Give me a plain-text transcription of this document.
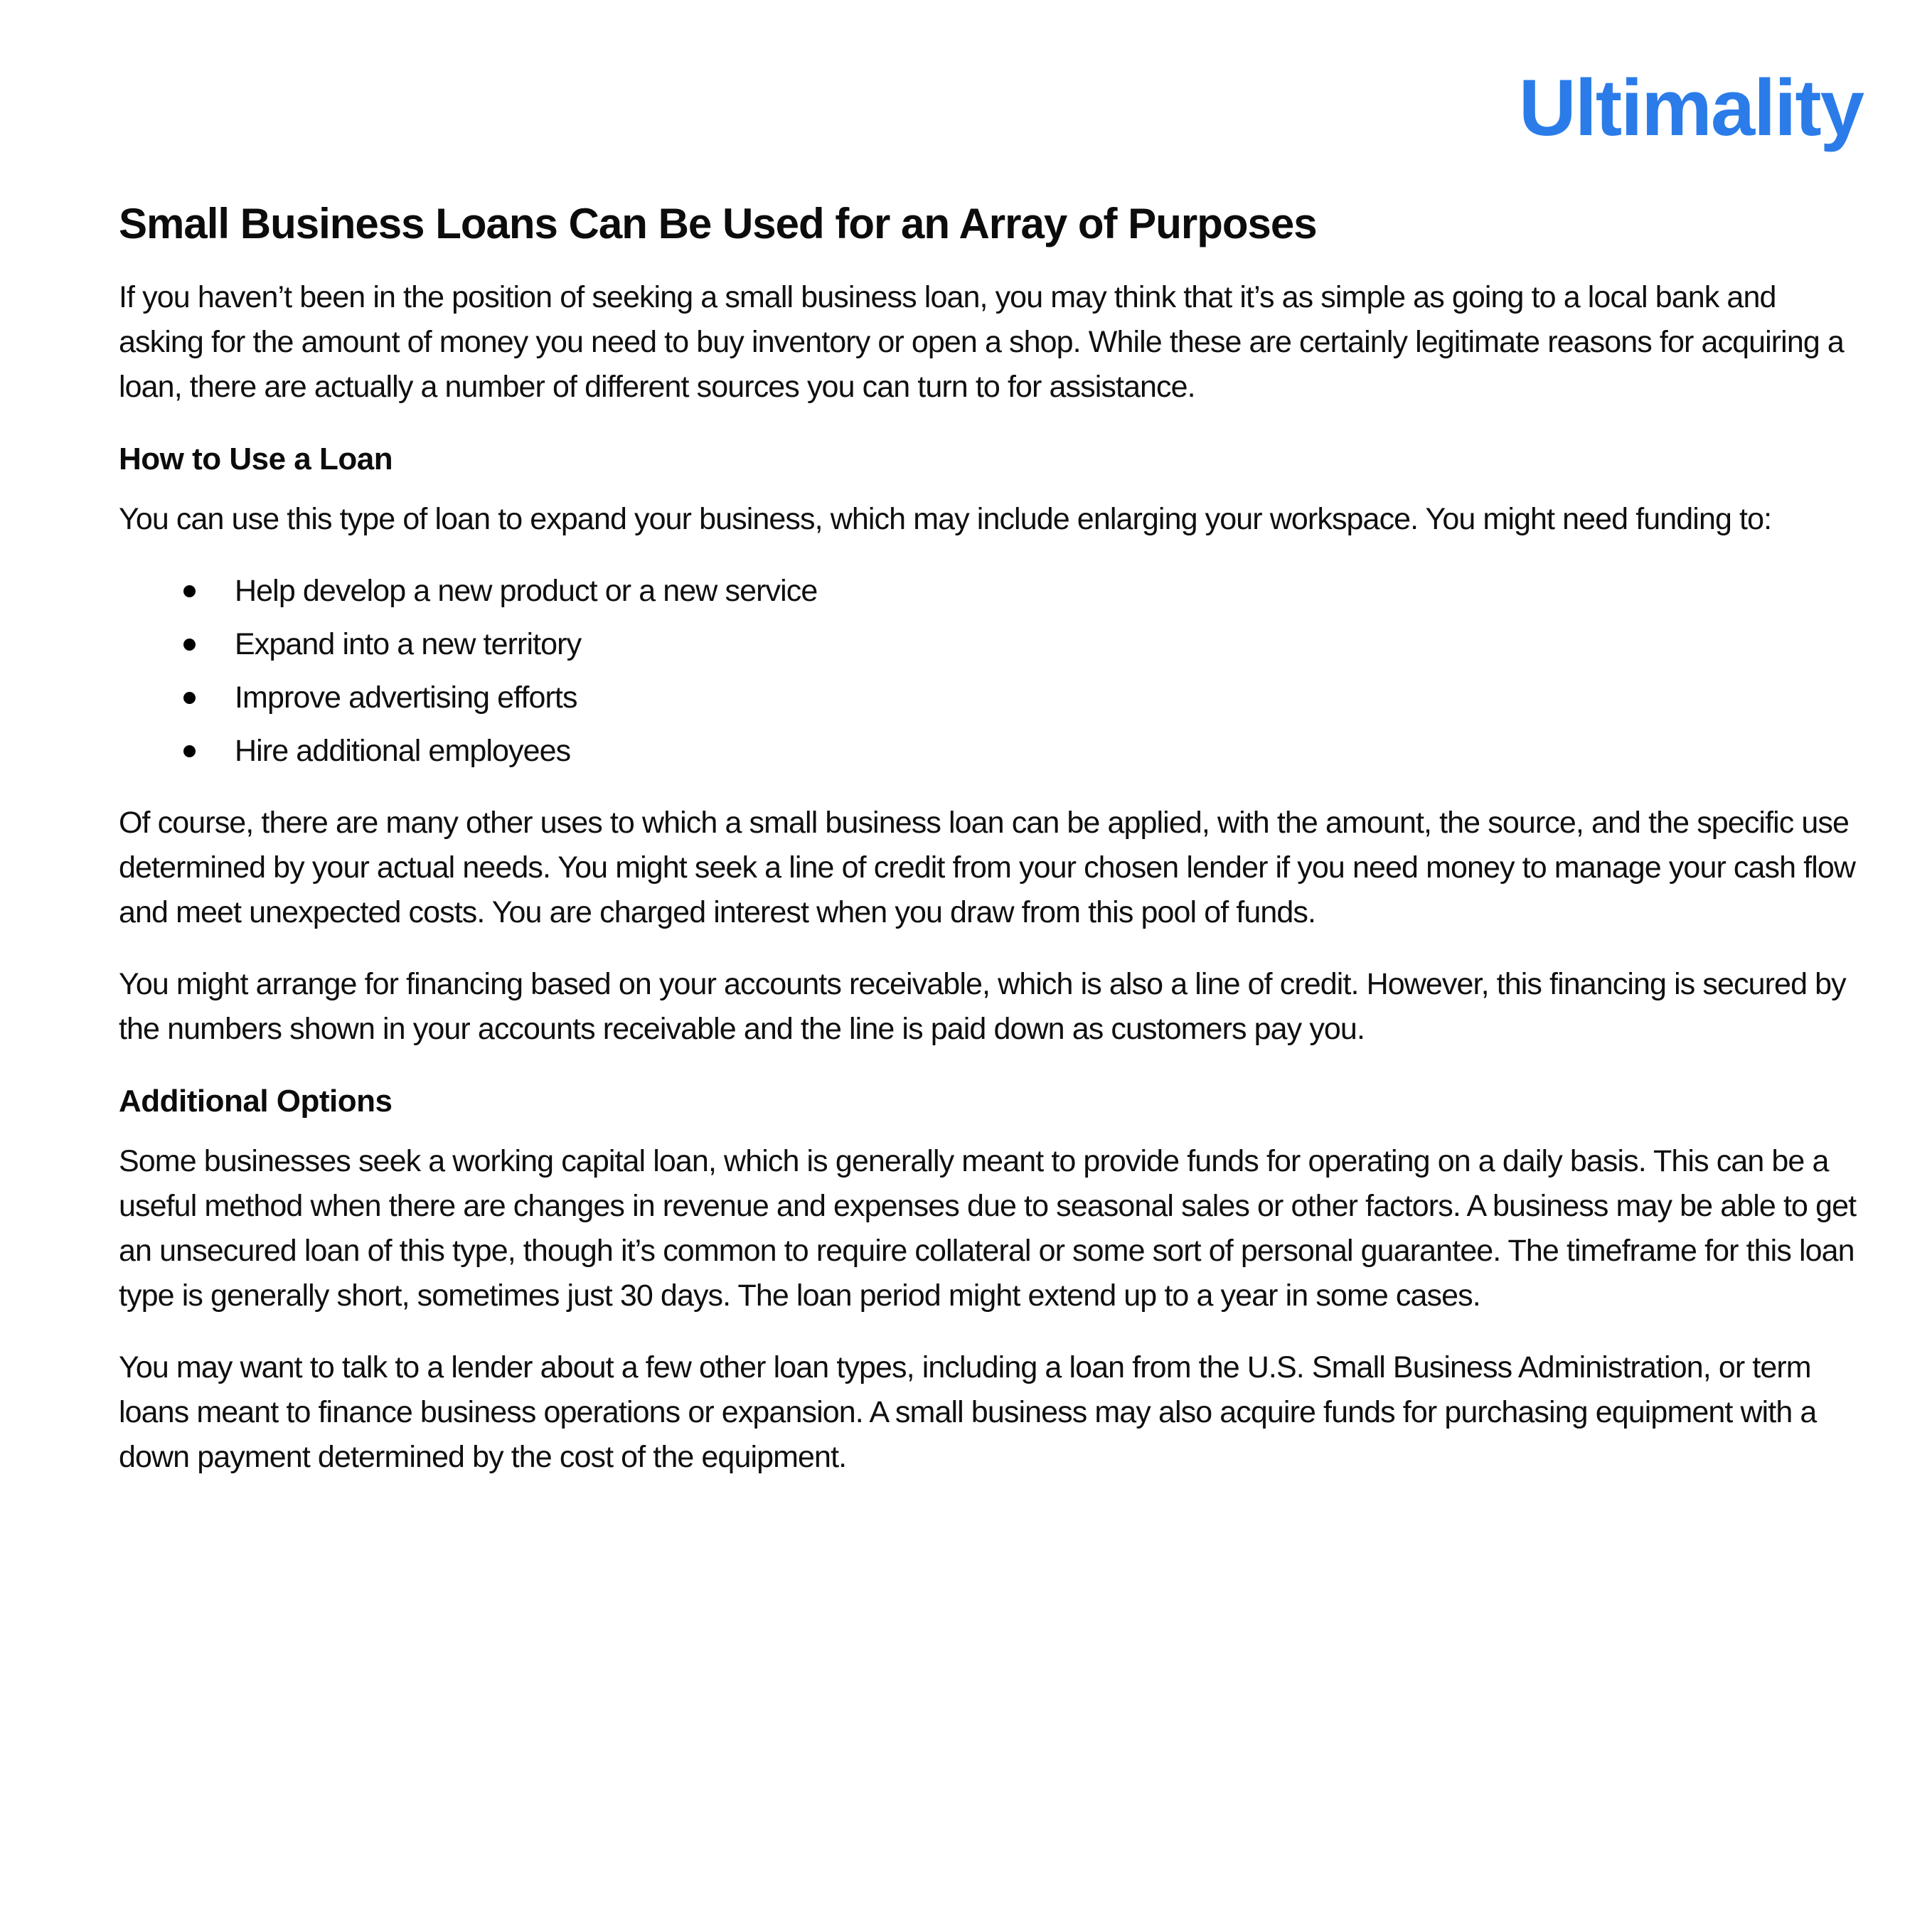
Ultimality
Small Business Loans Can Be Used for an Array of Purposes

If you haven’t been in the position of seeking a small business loan, you may think that it’s as simple as going to a local bank and asking for the amount of money you need to buy inventory or open a shop. While these are certainly legitimate reasons for acquiring a loan, there are actually a number of different sources you can turn to for assistance.

How to Use a Loan

You can use this type of loan to expand your business, which may include enlarging your workspace. You might need funding to:

Help develop a new product or a new service
Expand into a new territory
Improve advertising efforts
Hire additional employees

Of course, there are many other uses to which a small business loan can be applied, with the amount, the source, and the specific use determined by your actual needs. You might seek a line of credit from your chosen lender if you need money to manage your cash flow and meet unexpected costs. You are charged interest when you draw from this pool of funds.

You might arrange for financing based on your accounts receivable, which is also a line of credit. However, this financing is secured by the numbers shown in your accounts receivable and the line is paid down as customers pay you.

Additional Options

Some businesses seek a working capital loan, which is generally meant to provide funds for operating on a daily basis. This can be a useful method when there are changes in revenue and expenses due to seasonal sales or other factors. A business may be able to get an unsecured loan of this type, though it’s common to require collateral or some sort of personal guarantee. The timeframe for this loan type is generally short, sometimes just 30 days. The loan period might extend up to a year in some cases.

You may want to talk to a lender about a few other loan types, including a loan from the U.S. Small Business Administration, or term loans meant to finance business operations or expansion. A small business may also acquire funds for purchasing equipment with a down payment determined by the cost of the equipment.
